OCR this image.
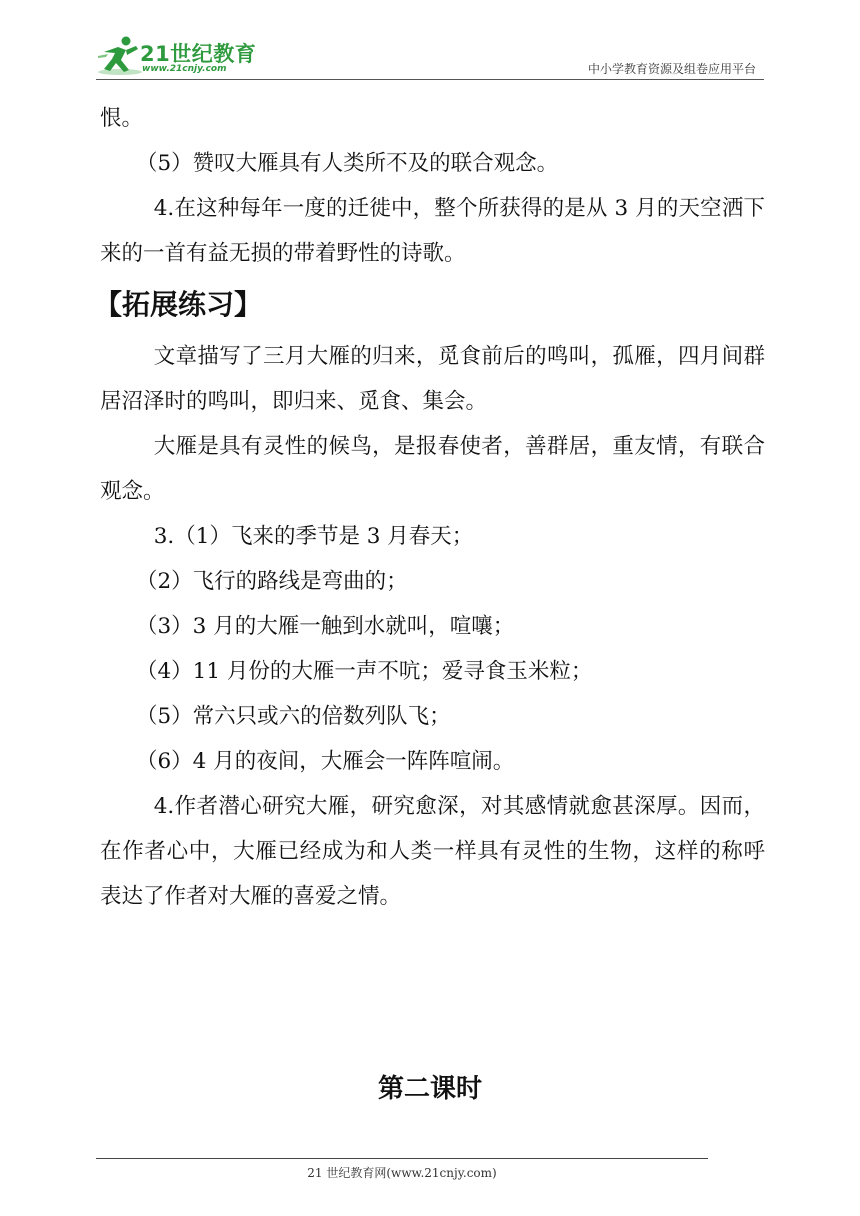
21世纪教育
www.21cnjy.com	中小学教育资源及组卷应用平台

恨。

（5）赞叹大雁具有人类所不及的联合观念。

4.在这种每年一度的迁徙中，整个所获得的是从 3 月的天空洒下来的一首有益无损的带着野性的诗歌。

【拓展练习】

文章描写了三月大雁的归来，觅食前后的鸣叫，孤雁，四月间群居沼泽时的鸣叫，即归来、觅食、集会。

大雁是具有灵性的候鸟，是报春使者，善群居，重友情，有联合观念。

3.（1）飞来的季节是 3 月春天；

（2）飞行的路线是弯曲的；

（3）3 月的大雁一触到水就叫，喧嚷；

（4）11 月份的大雁一声不吭；爱寻食玉米粒；

（5）常六只或六的倍数列队飞；

（6）4 月的夜间，大雁会一阵阵喧闹。

4.作者潜心研究大雁，研究愈深，对其感情就愈甚深厚。因而，在作者心中，大雁已经成为和人类一样具有灵性的生物，这样的称呼表达了作者对大雁的喜爱之情。

第二课时
21 世纪教育网(www.21cnjy.com)
